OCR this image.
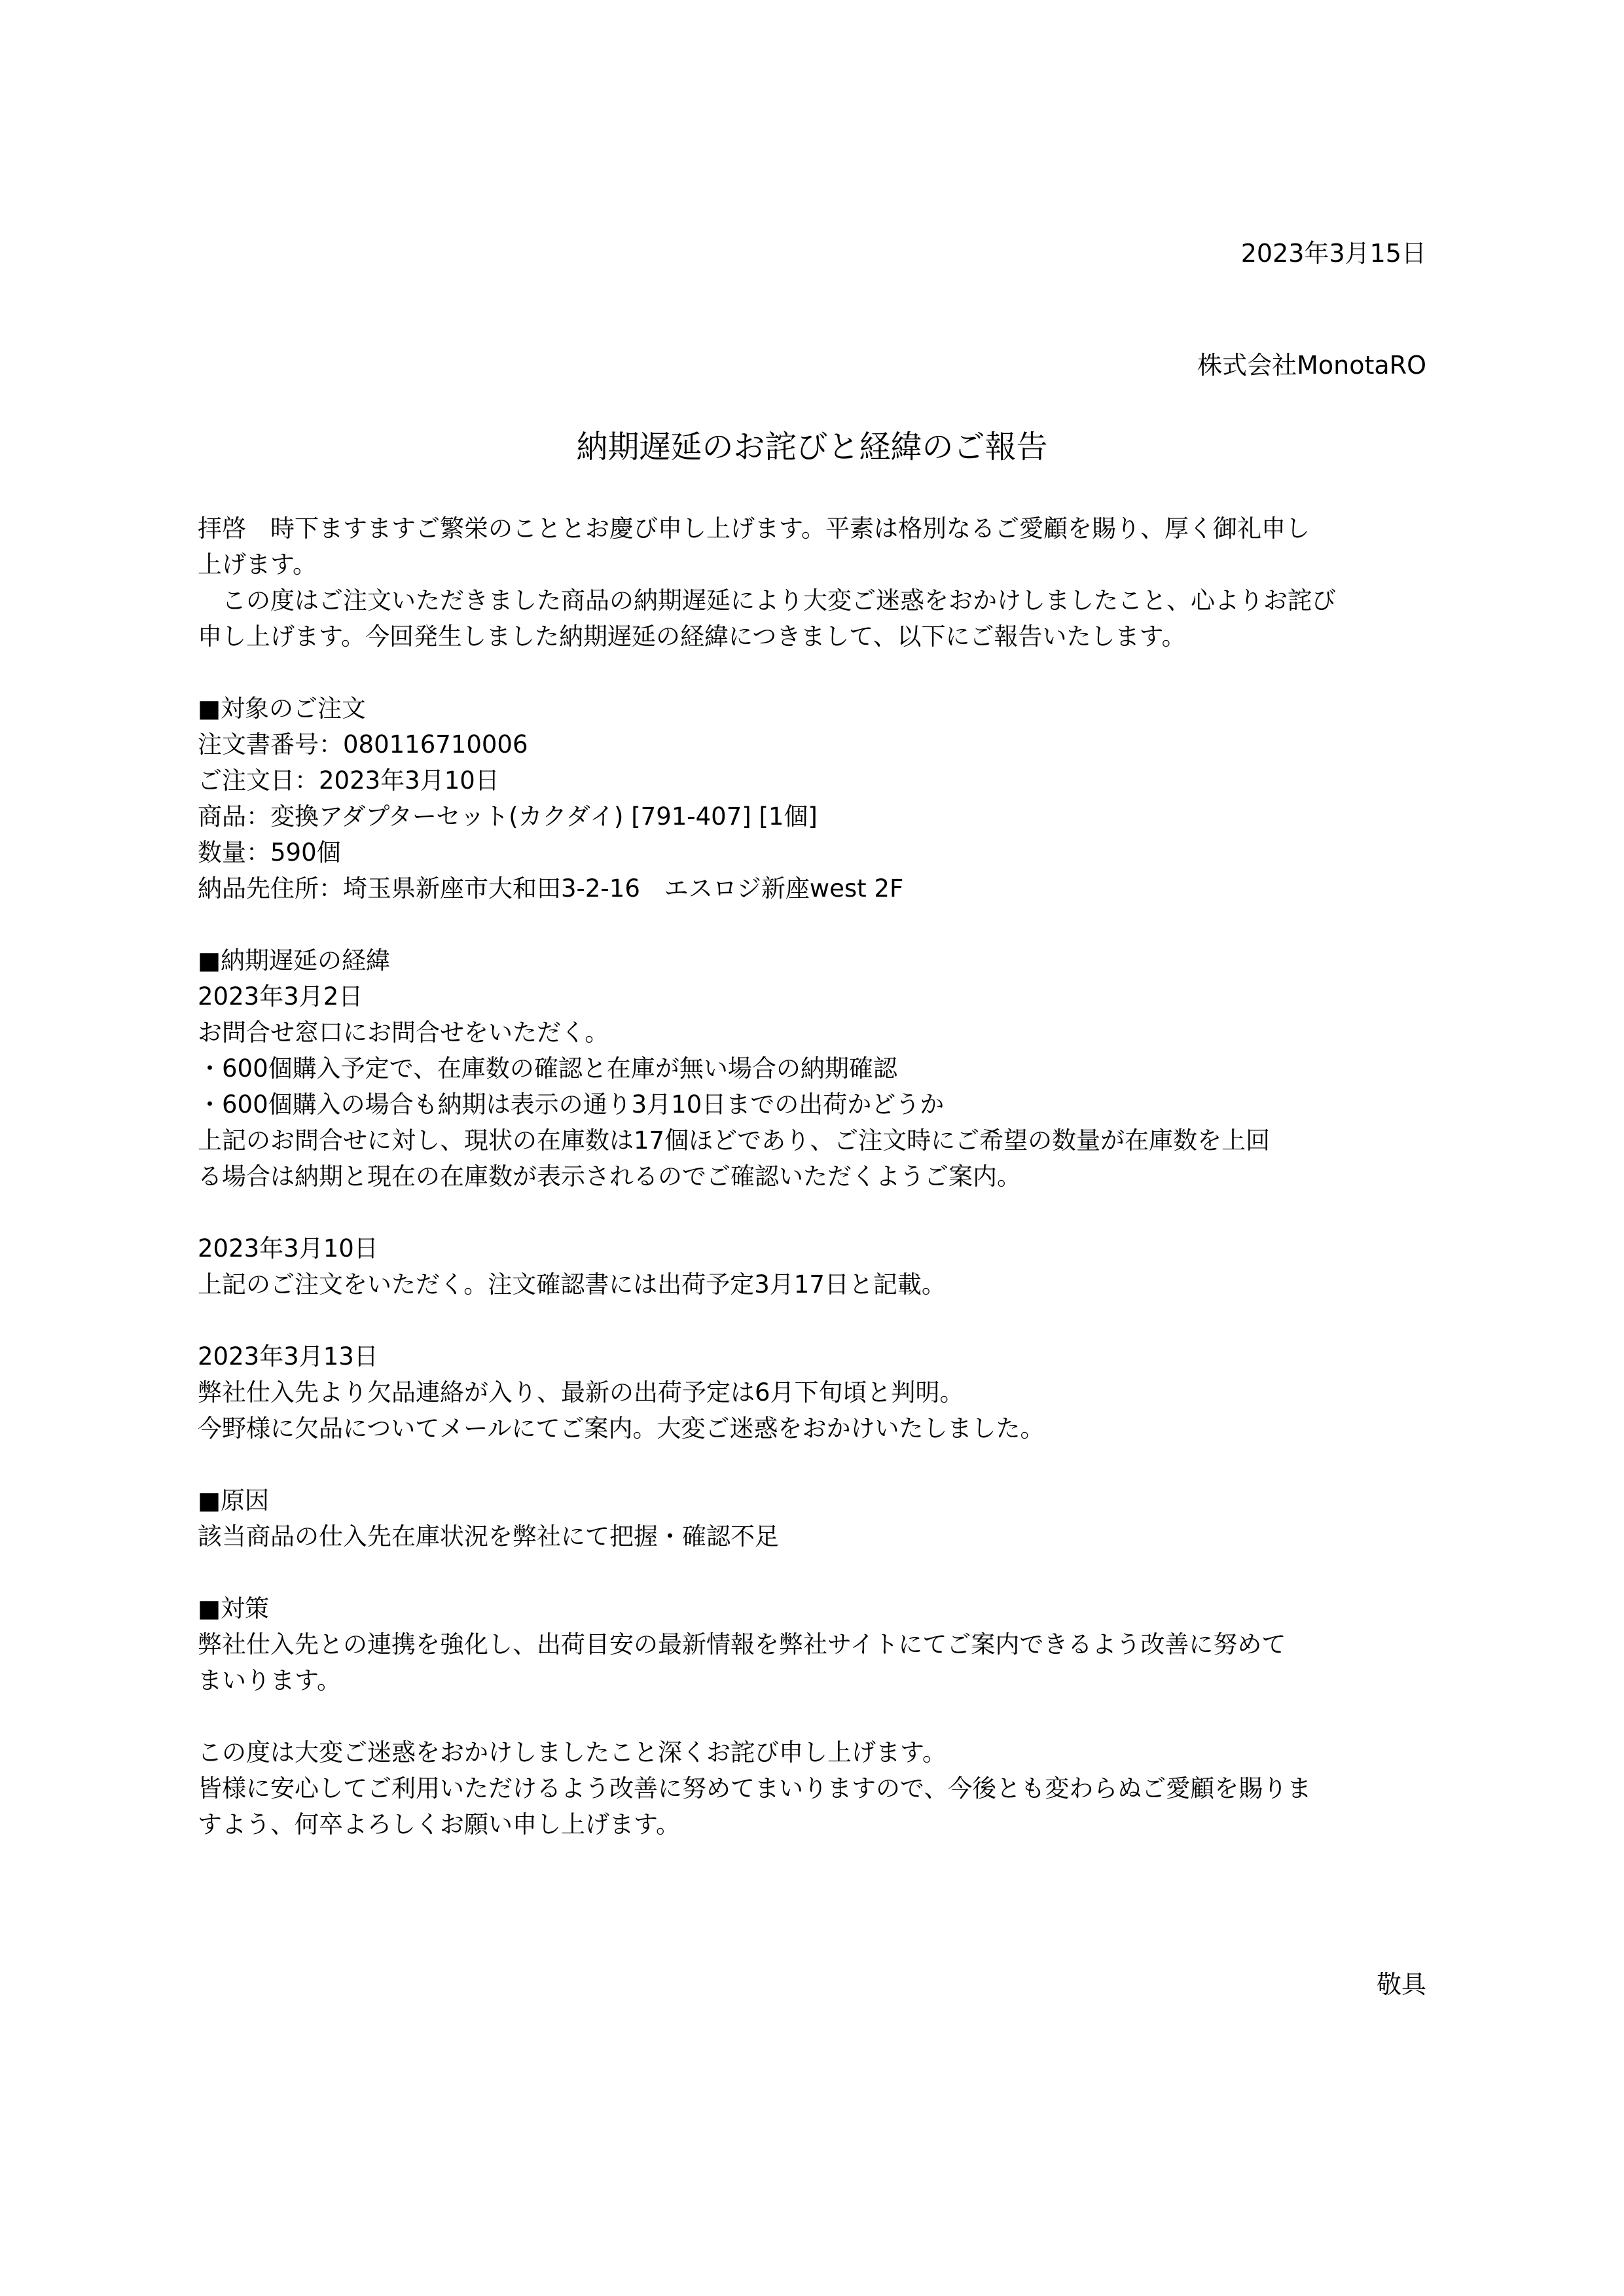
2023年3月15日
株式会社MonotaRO
納期遅延のお詫びと経緯のご報告

拝啓　時下ますますご繁栄のこととお慶び申し上げます。平素は格別なるご愛顧を賜り、厚く御礼申し

上げます。

　この度はご注文いただきました商品の納期遅延により大変ご迷惑をおかけしましたこと、心よりお詫び

申し上げます。今回発生しました納期遅延の経緯につきまして、以下にご報告いたします。

■対象のご注文

注文書番号：080116710006

ご注文日：2023年3月10日

商品：変換アダプターセット(カクダイ) [791-407] [1個]

数量：590個

納品先住所：埼玉県新座市大和田3-2-16　エスロジ新座west 2F

■納期遅延の経緯

2023年3月2日

お問合せ窓口にお問合せをいただく。

・600個購入予定で、在庫数の確認と在庫が無い場合の納期確認

・600個購入の場合も納期は表示の通り3月10日までの出荷かどうか

上記のお問合せに対し、現状の在庫数は17個ほどであり、ご注文時にご希望の数量が在庫数を上回

る場合は納期と現在の在庫数が表示されるのでご確認いただくようご案内。

2023年3月10日

上記のご注文をいただく。注文確認書には出荷予定3月17日と記載。

2023年3月13日

弊社仕入先より欠品連絡が入り、最新の出荷予定は6月下旬頃と判明。

今野様に欠品についてメールにてご案内。大変ご迷惑をおかけいたしました。

■原因

該当商品の仕入先在庫状況を弊社にて把握・確認不足

■対策

弊社仕入先との連携を強化し、出荷目安の最新情報を弊社サイトにてご案内できるよう改善に努めて

まいります。

この度は大変ご迷惑をおかけしましたこと深くお詫び申し上げます。

皆様に安心してご利用いただけるよう改善に努めてまいりますので、今後とも変わらぬご愛顧を賜りま

すよう、何卒よろしくお願い申し上げます。

敬具
